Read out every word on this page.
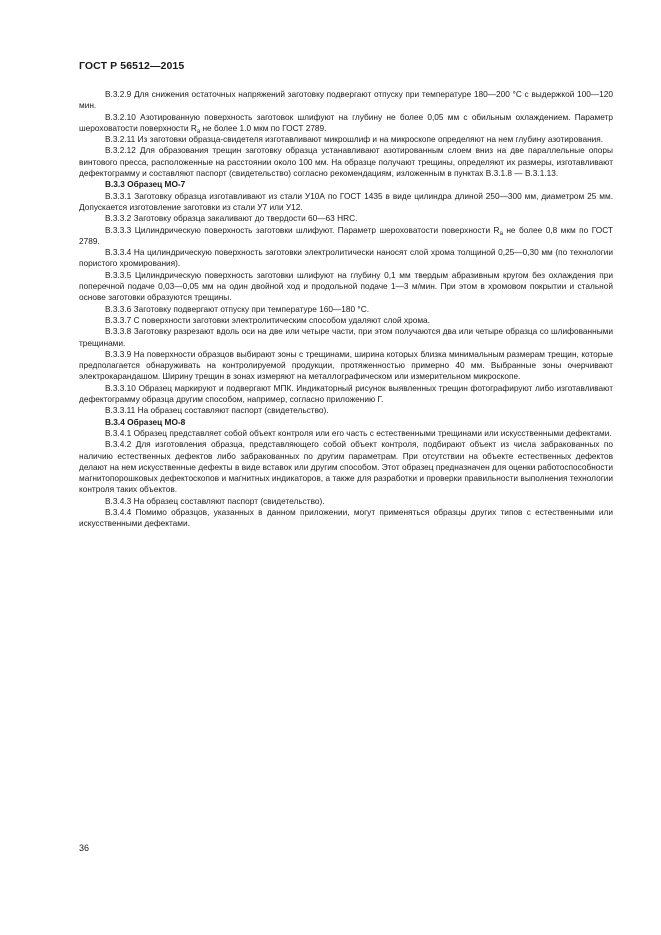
ГОСТ Р 56512—2015

В.3.2.9 Для снижения остаточных напряжений заготовку подвергают отпуску при температуре 180—200 °С с выдержкой 100—120 мин.

В.3.2.10 Азотированную поверхность заготовок шлифуют на глубину не более 0,05 мм с обильным охлаждением. Параметр шероховатости поверхности $R_a$ не более 1.0 мкм по ГОСТ 2789.

В.3.2.11 Из заготовки образца-свидетеля изготавливают микрошлиф и на микроскопе определяют на нем глубину азотирования.

В.3.2.12 Для образования трещин заготовку образца устанавливают азотированным слоем вниз на две параллельные опоры винтового пресса, расположенные на расстоянии около 100 мм. На образце получают трещины, определяют их размеры, изготавливают дефектограмму и составляют паспорт (свидетельство) согласно рекомендациям, изложенным в пунктах В.3.1.8 — В.3.1.13.

В.3.3 Образец МО-7

В.3.3.1 Заготовку образца изготавливают из стали У10А по ГОСТ 1435 в виде цилиндра длиной 250—300 мм, диаметром 25 мм. Допускается изготовление заготовки из стали У7 или У12.

В.3.3.2 Заготовку образца закаливают до твердости 60—63 HRC.

В.3.3.3 Цилиндрическую поверхность заготовки шлифуют. Параметр шероховатости поверхности $R_a$ не более 0,8 мкм по ГОСТ 2789.

В.3.3.4 На цилиндрическую поверхность заготовки электролитически наносят слой хрома толщиной 0,25—0,30 мм (по технологии пористого хромирования).

В.3.3.5 Цилиндрическую поверхность заготовки шлифуют на глубину 0,1 мм твердым абразивным кругом без охлаждения при поперечной подаче 0,03—0,05 мм на один двойной ход и продольной подаче 1—3 м/мин. При этом в хромовом покрытии и стальной основе заготовки образуются трещины.

В.3.3.6 Заготовку подвергают отпуску при температуре 160—180 °С.

В.3.3.7 С поверхности заготовки электролитическим способом удаляют слой хрома.

В.3.3.8 Заготовку разрезают вдоль оси на две или четыре части, при этом получаются два или четыре образца со шлифованными трещинами.

В.3.3.9 На поверхности образцов выбирают зоны с трещинами, ширина которых близка минимальным размерам трещин, которые предполагается обнаруживать на контролируемой продукции, протяженностью примерно 40 мм. Выбранные зоны очерчивают электрокарандашом. Ширину трещин в зонах измеряют на металлографическом или измерительном микроскопе.

В.3.3.10 Образец маркируют и подвергают МПК. Индикаторный рисунок выявленных трещин фотографируют либо изготавливают дефектограмму образца другим способом, например, согласно приложению Г.

В.3.3.11 На образец составляют паспорт (свидетельство).

В.3.4 Образец МО-8

В.3.4.1 Образец представляет собой объект контроля или его часть с естественными трещинами или искусственными дефектами.

В.3.4.2 Для изготовления образца, представляющего собой объект контроля, подбирают объект из числа забракованных по наличию естественных дефектов либо забракованных по другим параметрам. При отсутствии на объекте естественных дефектов делают на нем искусственные дефекты в виде вставок или другим способом. Этот образец предназначен для оценки работоспособности магнитопорошковых дефектоскопов и магнитных индикаторов, а также для разработки и проверки правильности выполнения технологии контроля таких объектов.

В.3.4.3 На образец составляют паспорт (свидетельство).

В.3.4.4 Помимо образцов, указанных в данном приложении, могут применяться образцы других типов с естественными или искусственными дефектами.

36
